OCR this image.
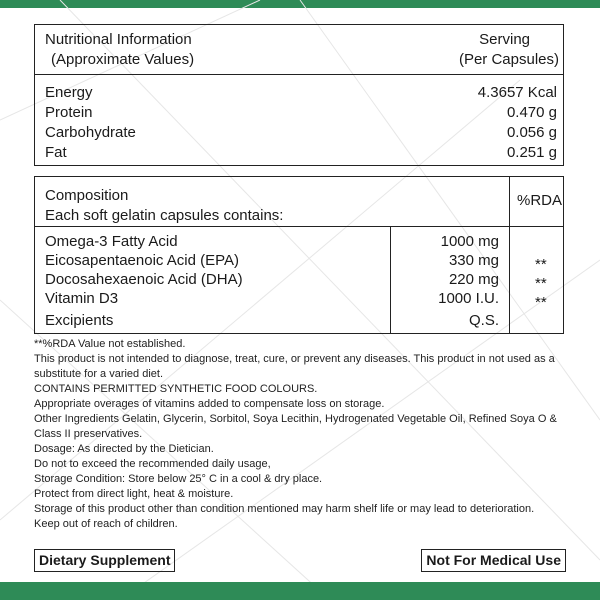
Nutritional Information
(Approximate Values)
Serving
(Per Capsules)
Energy	4.3657 Kcal
Protein	0.470 g
Carbohydrate	0.056 g
Fat	0.251 g
Composition
Each soft gelatin capsules contains:
%RDA
Omega-3 Fatty Acid	1000 mg
Eicosapentaenoic Acid (EPA)	330 mg **
Docosahexaenoic Acid (DHA)	220 mg **
Vitamin D3	1000 I.U. **
Excipients	Q.S.
**%RDA Value not established.
This product is not intended to diagnose, treat, cure, or prevent any diseases. This product in not used as a substitute for a varied diet.
CONTAINS PERMITTED SYNTHETIC FOOD COLOURS.
Appropriate overages of vitamins added to compensate loss on storage.
Other Ingredients Gelatin, Glycerin, Sorbitol, Soya Lecithin, Hydrogenated Vegetable Oil, Refined Soya O & Class II preservatives.
Dosage: As directed by the Dietician.
Do not to exceed the recommended daily usage,
Storage Condition: Store below 25° C in a cool & dry place.
Protect from direct light, heat & moisture.
Storage of this product other than condition mentioned may harm shelf life or may lead to deterioration.
Keep out of reach of children.
Dietary Supplement	Not For Medical Use
